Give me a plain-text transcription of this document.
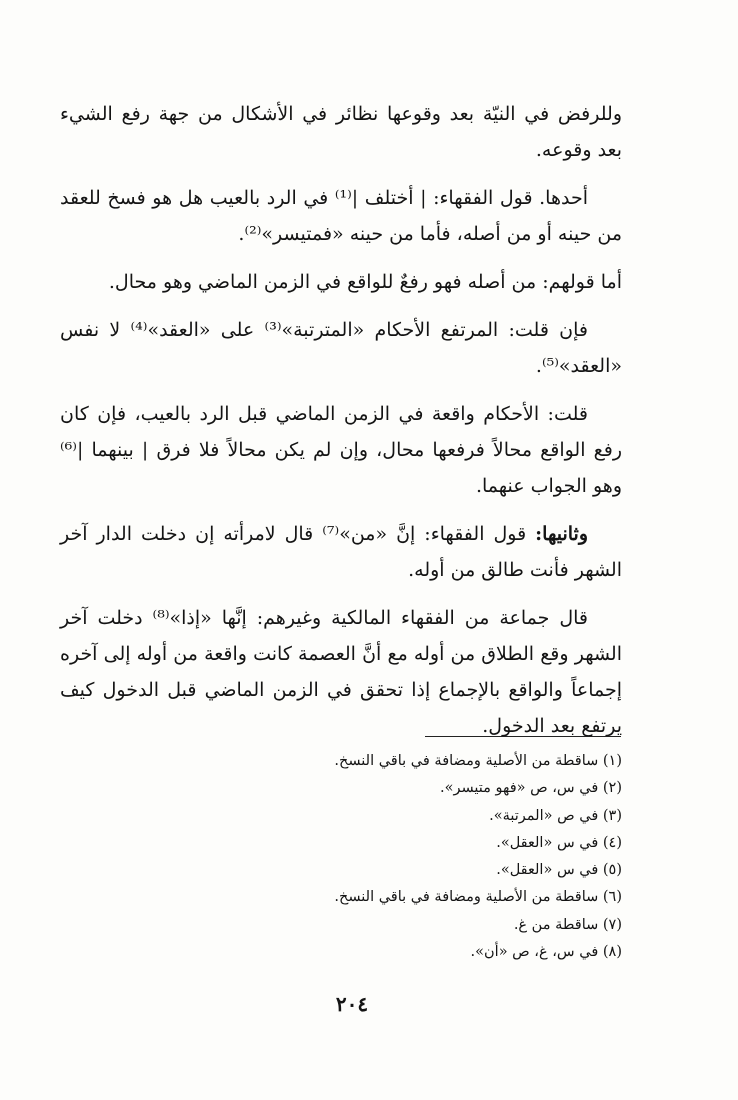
وللرفض في النيّة بعد وقوعها نظائر في الأشكال من جهة رفع الشيء بعد وقوعه.

أحدها. قول الفقهاء: | أختلف |⁽¹⁾ في الرد بالعيب هل هو فسخ للعقد من حينه أو من أصله، فأما من حينه «فمتيسر»⁽²⁾.

أما قولهم: من أصله فهو رفعٌ للواقع في الزمن الماضي وهو محال.

فإن قلت: المرتفع الأحكام «المترتبة»⁽³⁾ على «العقد»⁽⁴⁾ لا نفس «العقد»⁽⁵⁾.

قلت: الأحكام واقعة في الزمن الماضي قبل الرد بالعيب، فإن كان رفع الواقع محالاً فرفعها محال، وإن لم يكن محالاً فلا فرق | بينهما |⁽⁶⁾ وهو الجواب عنهما.

وثانيها: قول الفقهاء: إنَّ «من»⁽⁷⁾ قال لامرأته إن دخلت الدار آخر الشهر فأنت طالق من أوله.

قال جماعة من الفقهاء المالكية وغيرهم: إنَّها «إذا»⁽⁸⁾ دخلت آخر الشهر وقع الطلاق من أوله مع أنَّ العصمة كانت واقعة من أوله إلى آخره إجماعاً والواقع بالإجماع إذا تحقق في الزمن الماضي قبل الدخول كيف يرتفع بعد الدخول.

(١) ساقطة من الأصلية ومضافة في باقي النسخ.
(٢) في س، ص «فهو متيسر».
(٣) في ص «المرتبة».
(٤) في س «العقل».
(٥) في س «العقل».
(٦) ساقطة من الأصلية ومضافة في باقي النسخ.
(٧) ساقطة من غ.
(٨) في س، غ، ص «أن».
٢٠٤
